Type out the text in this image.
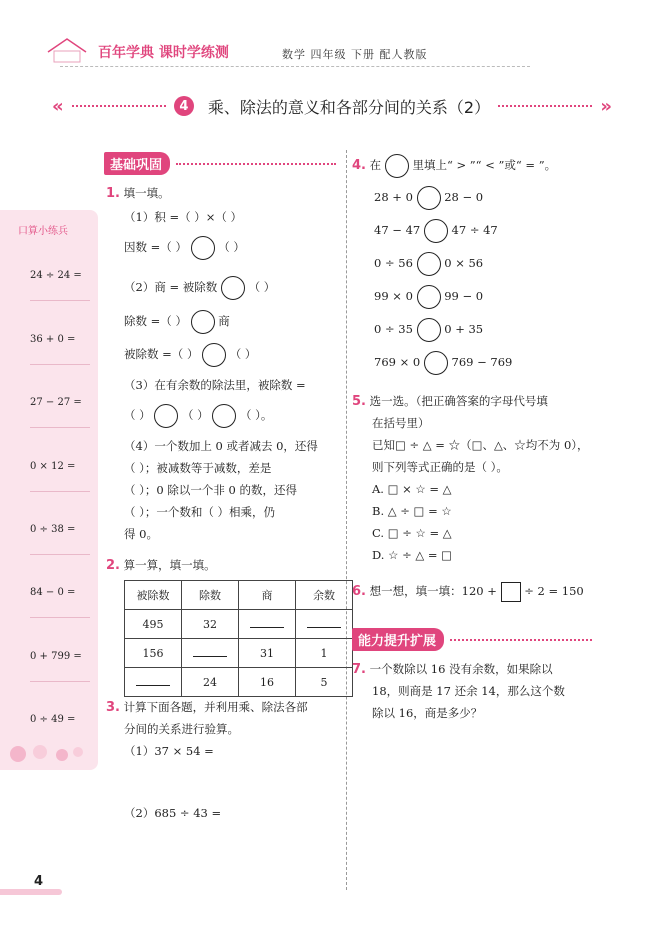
百年学典 课时学练测	数学 四年级 下册 配人教版
«	4	乘、除法的意义和各部分间的关系（2）	»
口算小练兵
24 ÷ 24 =
36 + 0 =
27 − 27 =
0 × 12 =
0 ÷ 38 =
84 − 0 =
0 + 799 =
0 ÷ 49 =
基础巩固
1. 填一填。
（1）积 =（ ）×（ ）
因数 =（ ）	（ ）
（2）商 = 被除数	（ ）
除数 =（ ）	商
被除数 =（ ）	（ ）
（3）在有余数的除法里，被除数 =
（ ）	（ ）	（ ）。
（4）一个数加上 0 或者减去 0，还得
（ ）；被减数等于减数，差是
（ ）；0 除以一个非 0 的数，还得
（ ）；一个数和（ ）相乘，仍
得 0。
2. 算一算，填一填。
被除数	除数	商	余数
495	32		
156		31	1
	24	16	5
3. 计算下面各题，并利用乘、除法各部
分间的关系进行验算。
（1）37 × 54 =
（2）685 ÷ 43 =
4. 在	里填上“ > ”“ < ”或“ = ”。
28 + 0	28 − 0
47 − 47	47 ÷ 47
0 ÷ 56	0 × 56
99 × 0	99 − 0
0 ÷ 35	0 + 35
769 × 0	769 − 769
5. 选一选。（把正确答案的字母代号填
在括号里）
已知□ ÷ △ = ☆（□、△、☆均不为 0），
则下列等式正确的是（ ）。
A. □ × ☆ = △
B. △ ÷ □ = ☆
C. □ ÷ ☆ = △
D. ☆ ÷ △ = □
6. 想一想，填一填：120 + ÷ 2 = 150
能力提升扩展
7. 一个数除以 16 没有余数，如果除以
18，则商是 17 还余 14，那么这个数
除以 16，商是多少？
4
